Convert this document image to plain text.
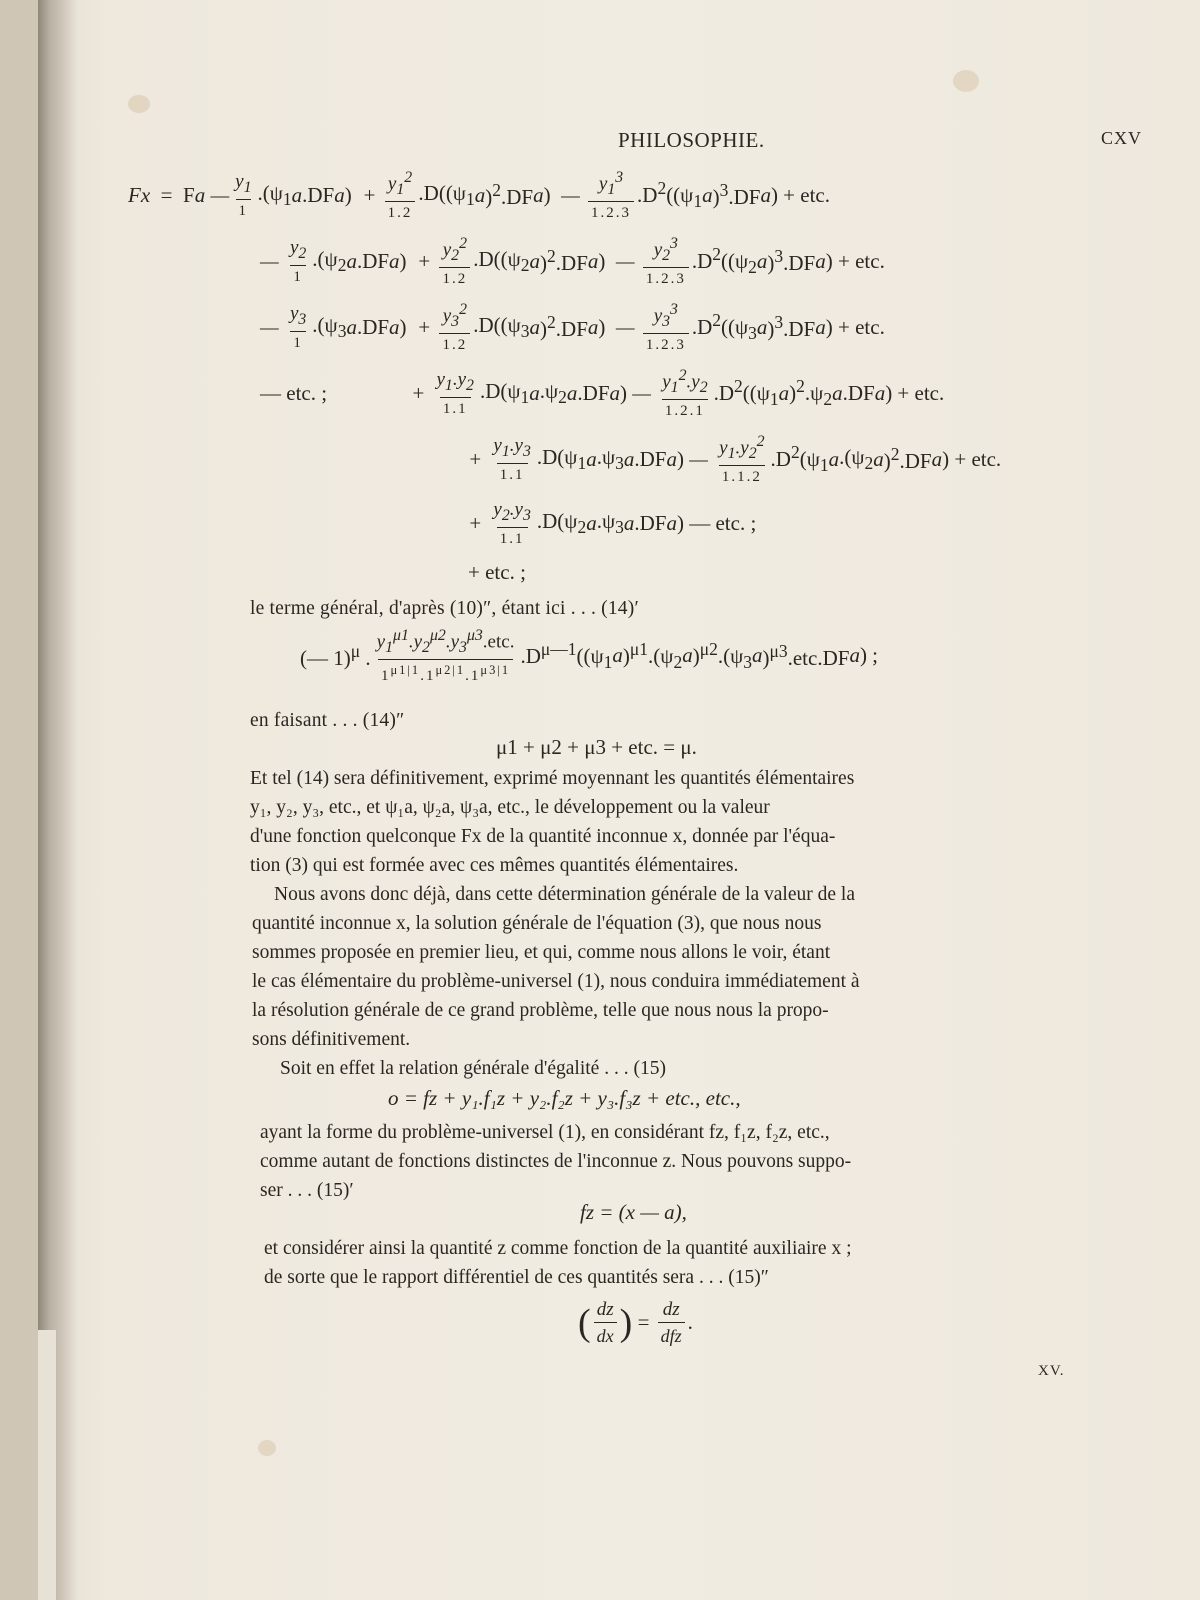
PHILOSOPHIE.	CXV
F x
=
F a — $\frac{y_1}{1} .(\psi_1$ a .DF a ) + $\frac{y_1^2}{1.2} .D((\psi_1$ a )$^2$.DF a ) — $\frac{y_1^3}{1.2.3} .D^2((\psi_1$ a )$^3$.DF a ) + etc.
— $\frac{y_2}{1} .(\psi_2$ a .DF a ) + $\frac{y_2^2}{1.2} .D((\psi_2$ a )$^2$.DF a ) — $\frac{y_2^3}{1.2.3} .D^2((\psi_2$ a )$^3$.DF a ) + etc.
— $\frac{y_3}{1} .(\psi_3$ a .DF a ) + $\frac{y_3^2}{1.2} .D((\psi_3$ a )$^2$.DF a ) — $\frac{y_3^3}{1.2.3} .D^2((\psi_3$ a )$^3$.DF a ) + etc.
— etc. ; + $\frac{y_1.y_2}{1.1} .D(\psi_1$ a $.\psi_2$ a .DF a ) — $\frac{y_1^2.y_2}{1.2.1} .D^2((\psi_1$ a )$^2.\psi_2$ a .DF a ) + etc.
+ $\frac{y_1.y_3}{1.1} .D(\psi_1$ a $.\psi_3$ a .DF a ) — $\frac{y_1.y_2^2}{1.1.2} .D^2(\psi_1$ a $.(\psi_2$ a )$^2$.DF a ) + etc.
+ $\frac{y_2.y_3}{1.1} .D(\psi_2$ a $.\psi_3$ a .DF a ) — etc. ;
+ etc. ;
le terme général, d'après (10)″, étant ici . . . (14)′
(— 1)$^\mu$ . $\frac{y_1^{\mu 1}.y_2^{\mu 2}.y_3^{\mu 3}.etc.}{1^{\mu 1|1}.1^{\mu 2|1}.1^{\mu 3|1}} .D^{\mu—1}((\psi_1$ a )$^{\mu 1}.(\psi_2$ a )$^{\mu 2}.(\psi_3$ a )$^{\mu 3}$.etc.DF a ) ;
en faisant . . . (14)″
μ1 + μ2 + μ3 + etc. = μ.
Et tel (14) sera définitivement, exprimé moyennant les quantités élémentaires
y₁, y₂, y₃, etc., et ψ₁a, ψ₂a, ψ₃a, etc., le développement ou la valeur
d'une fonction quelconque Fx de la quantité inconnue x, donnée par l'équa-
tion (3) qui est formée avec ces mêmes quantités élémentaires.
Nous avons donc déjà, dans cette détermination générale de la valeur de la
quantité inconnue x, la solution générale de l'équation (3), que nous nous
sommes proposée en premier lieu, et qui, comme nous allons le voir, étant
le cas élémentaire du problème-universel (1), nous conduira immédiatement à
la résolution générale de ce grand problème, telle que nous nous la propo-
sons définitivement.
Soit en effet la relation générale d'égalité . . . (15)
o = fz + y₁.f₁z + y₂.f₂z + y₃.f₃z + etc., etc.,
ayant la forme du problème-universel (1), en considérant fz, f₁z, f₂z, etc.,
comme autant de fonctions distinctes de l'inconnue z. Nous pouvons suppo-
ser . . . (15)′
fz = (x — a),
et considérer ainsi la quantité z comme fonction de la quantité auxiliaire x ;
de sorte que le rapport différentiel de ces quantités sera . . . (15)″
( $\frac{dz}{dx}$ )
=
$\frac{dz}{\text{dfz}}$ .
XV.
